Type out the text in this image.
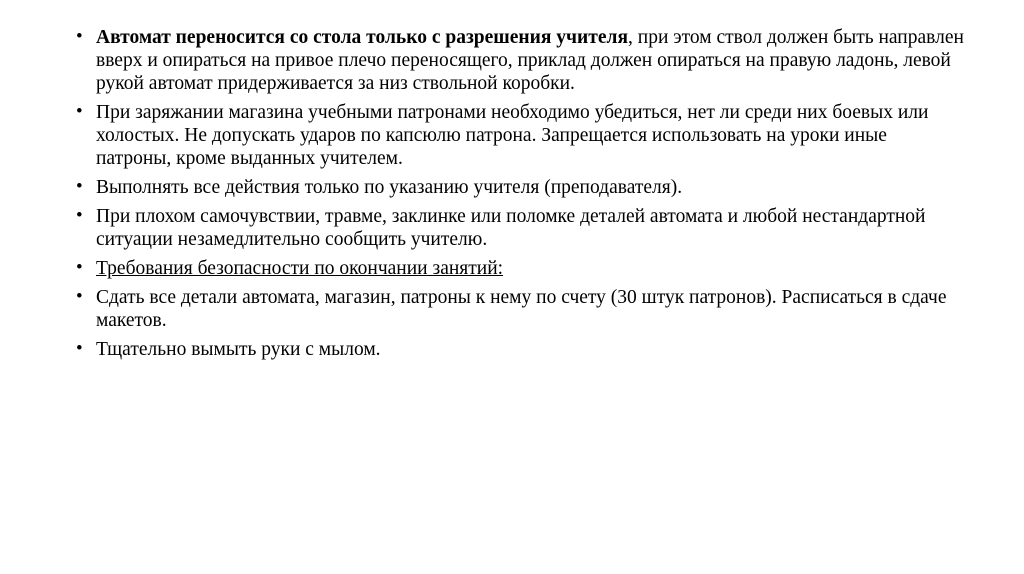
• Автомат переносится со стола только с разрешения учителя, при этом ствол должен быть направлен вверх и опираться на привое плечо переносящего, приклад должен опираться на правую ладонь, левой рукой автомат придерживается за низ ствольной коробки.
• При заряжании магазина учебными патронами необходимо убедиться, нет ли среди них боевых или холостых. Не допускать ударов по капсюлю патрона. Запрещается использовать на уроки иные патроны, кроме выданных учителем.
• Выполнять все действия только по указанию учителя (преподавателя).
• При плохом самочувствии, травме, заклинке или поломке деталей автомата и любой нестандартной ситуации незамедлительно сообщить учителю.
• Требования безопасности по окончании занятий:
• Сдать все детали автомата, магазин, патроны к нему по счету (30 штук патронов). Расписаться в сдаче макетов.
• Тщательно вымыть руки с мылом.
